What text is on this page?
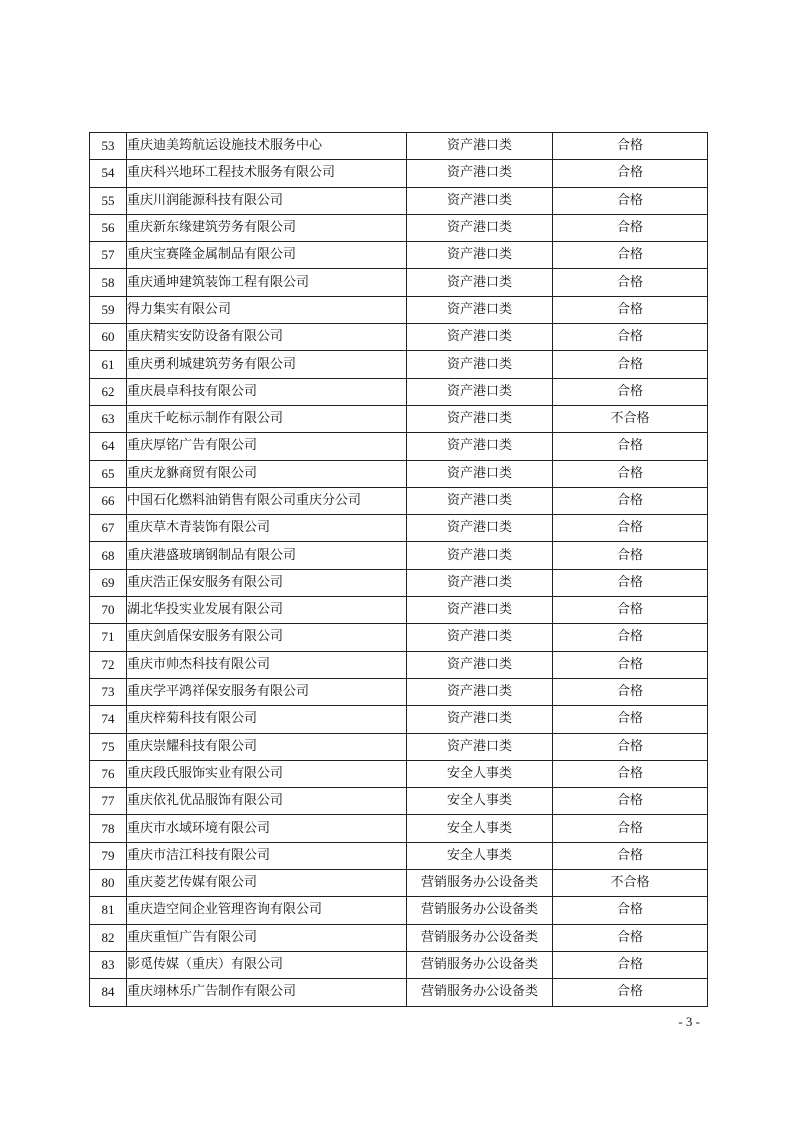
53	重庆迪美筠航运设施技术服务中心	资产港口类	合格
54	重庆科兴地环工程技术服务有限公司	资产港口类	合格
55	重庆川润能源科技有限公司	资产港口类	合格
56	重庆新东缘建筑劳务有限公司	资产港口类	合格
57	重庆宝赛隆金属制品有限公司	资产港口类	合格
58	重庆通坤建筑装饰工程有限公司	资产港口类	合格
59	得力集实有限公司	资产港口类	合格
60	重庆精实安防设备有限公司	资产港口类	合格
61	重庆勇利城建筑劳务有限公司	资产港口类	合格
62	重庆晨卓科技有限公司	资产港口类	合格
63	重庆千屹标示制作有限公司	资产港口类	不合格
64	重庆厚铭广告有限公司	资产港口类	合格
65	重庆龙貅商贸有限公司	资产港口类	合格
66	中国石化燃料油销售有限公司重庆分公司	资产港口类	合格
67	重庆草木青装饰有限公司	资产港口类	合格
68	重庆港盛玻璃钢制品有限公司	资产港口类	合格
69	重庆浩正保安服务有限公司	资产港口类	合格
70	湖北华投实业发展有限公司	资产港口类	合格
71	重庆剑盾保安服务有限公司	资产港口类	合格
72	重庆市帅杰科技有限公司	资产港口类	合格
73	重庆学平鸿祥保安服务有限公司	资产港口类	合格
74	重庆梓菊科技有限公司	资产港口类	合格
75	重庆崇耀科技有限公司	资产港口类	合格
76	重庆段氏服饰实业有限公司	安全人事类	合格
77	重庆依礼优品服饰有限公司	安全人事类	合格
78	重庆市水域环境有限公司	安全人事类	合格
79	重庆市洁江科技有限公司	安全人事类	合格
80	重庆菱艺传媒有限公司	营销服务办公设备类	不合格
81	重庆造空间企业管理咨询有限公司	营销服务办公设备类	合格
82	重庆重恒广告有限公司	营销服务办公设备类	合格
83	影觅传媒（重庆）有限公司	营销服务办公设备类	合格
84	重庆翊林乐广告制作有限公司	营销服务办公设备类	合格
- 3 -
